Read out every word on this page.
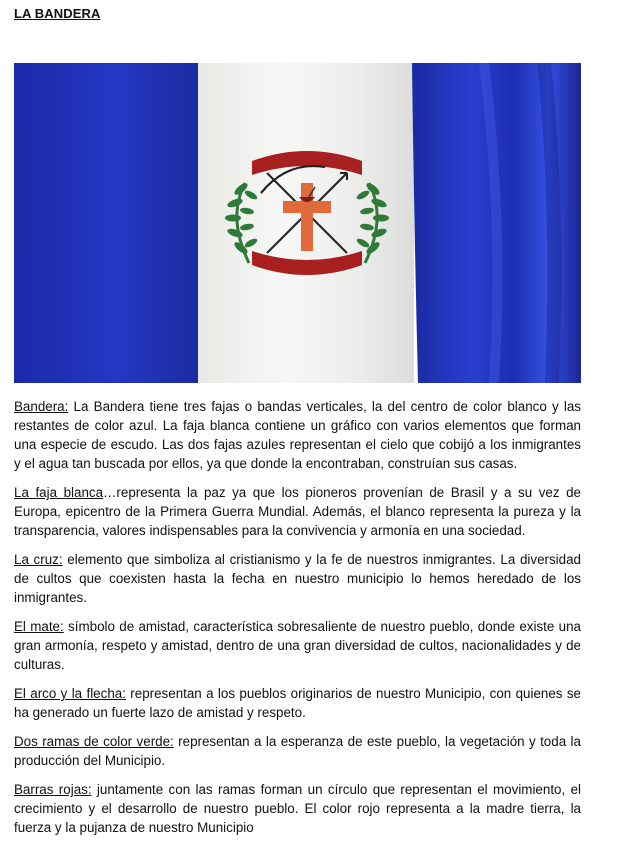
LA BANDERA

Bandera: La Bandera tiene tres fajas o bandas verticales, la del centro de color blanco y las restantes de color azul. La faja blanca contiene un gráfico con varios elementos que forman una especie de escudo. Las dos fajas azules representan el cielo que cobijó a los inmigrantes y el agua tan buscada por ellos, ya que donde la encontraban, construían sus casas.

La faja blanca…representa la paz ya que los pioneros provenían de Brasil y a su vez de Europa, epicentro de la Primera Guerra Mundial. Además, el blanco representa la pureza y la transparencia, valores indispensables para la convivencia y armonía en una sociedad.

La cruz: elemento que simboliza al cristianismo y la fe de nuestros inmigrantes. La diversidad de cultos que coexisten hasta la fecha en nuestro municipio lo hemos heredado de los inmigrantes.

El mate: símbolo de amistad, característica sobresaliente de nuestro pueblo, donde existe una gran armonía, respeto y amistad, dentro de una gran diversidad de cultos, nacionalidades y de culturas.

El arco y la flecha: representan a los pueblos originarios de nuestro Municipio, con quienes se ha generado un fuerte lazo de amistad y respeto.

Dos ramas de color verde: representan a la esperanza de este pueblo, la vegetación y toda la producción del Municipio.

Barras rojas: juntamente con las ramas forman un círculo que representan el movimiento, el crecimiento y el desarrollo de nuestro pueblo. El color rojo representa a la madre tierra, la fuerza y la pujanza de nuestro Municipio
